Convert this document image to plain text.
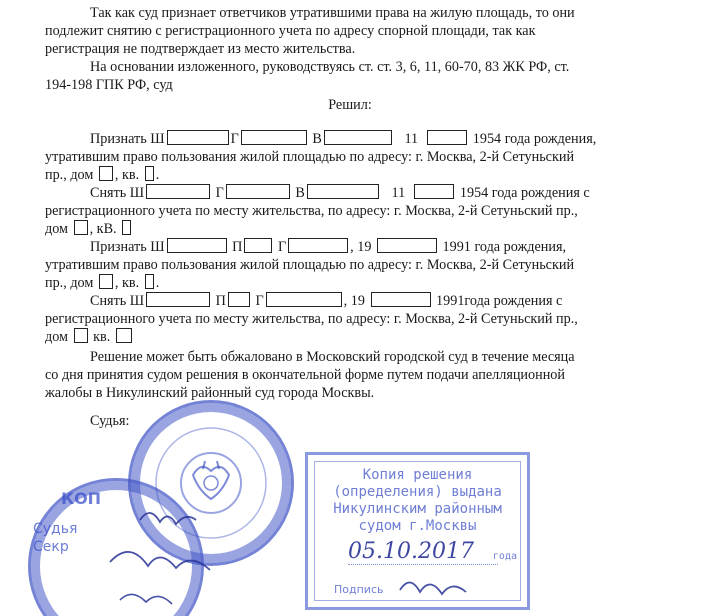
Так как суд признает ответчиков утратившими права на жилую площадь, то они
подлежит снятию с регистрационного учета по адресу спорной площади, так как
регистрация не подтверждает из место жительства.
На основании изложенного, руководствуясь ст. ст. 3, 6, 11, 60-70, 83 ЖК РФ, ст.
194-198 ГПК РФ, суд
Решил:
Признать Ш	Г	В	11	1954 года рождения,
утратившим право пользования жилой площадью по адресу: г. Москва, 2-й Сетуньский
пр., дом , кв. .
Снять Ш	Г	В	11	1954 года рождения с
регистрационного учета по месту жительства, по адресу: г. Москва, 2-й Сетуньский пр.,
дом , кВ.
Признать Ш	П	Г	, 19	1991 года рождения,
утратившим право пользования жилой площадью по адресу: г. Москва, 2-й Сетуньский
пр., дом , кв. .
Снять Ш	П Г	, 19	1991года рождения с
регистрационного учета по месту жительства, по адресу: г. Москва, 2-й Сетуньский пр.,
дом кв.
Решение может быть обжаловано в Московский городской суд в течение месяца
со дня принятия судом решения в окончательной форме путем подачи апелляционной
жалобы в Никулинский районный суд города Москвы.
Судья:
КОП
Судья
Секр
Копия решения
(определения) выдана
Никулинским районным
судом г.Москвы
05.10.2017	года
Подпись
